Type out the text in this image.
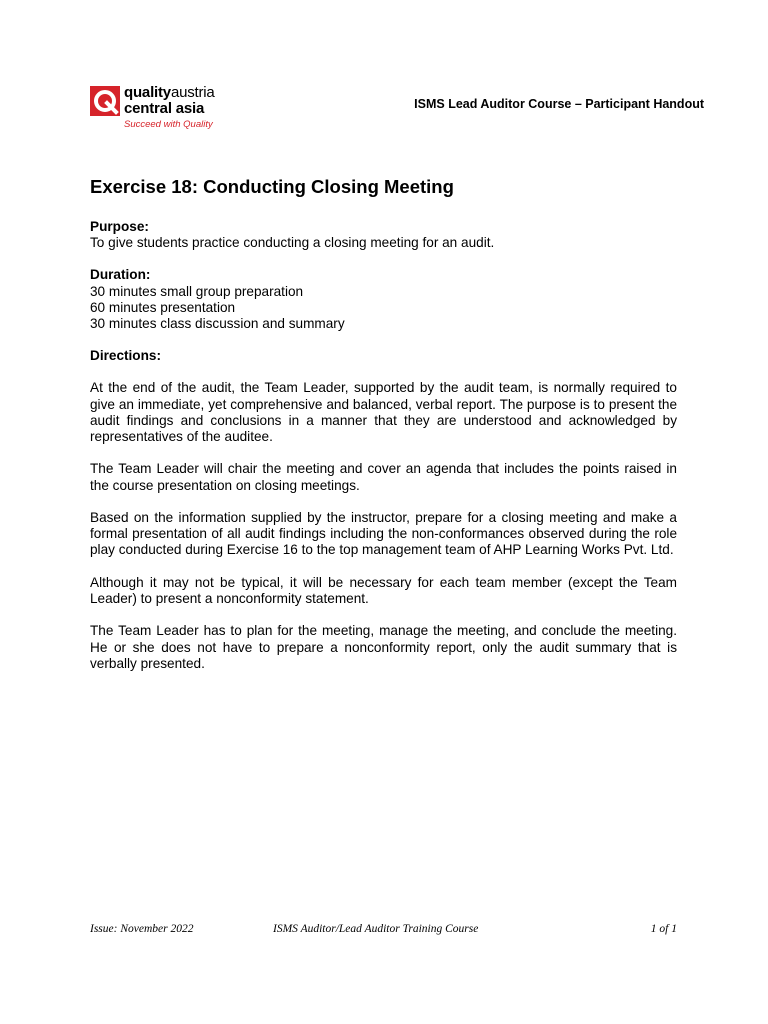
qualityaustria
central asia
Succeed with Quality
ISMS Lead Auditor Course – Participant Handout
Exercise 18: Conducting Closing Meeting

Purpose:

To give students practice conducting a closing meeting for an audit.

Duration:

30 minutes small group preparation

60 minutes presentation

30 minutes class discussion and summary

Directions:

At the end of the audit, the Team Leader, supported by the audit team, is normally required to give an immediate, yet comprehensive and balanced, verbal report. The purpose is to present the audit findings and conclusions in a manner that they are understood and acknowledged by representatives of the auditee.

The Team Leader will chair the meeting and cover an agenda that includes the points raised in the course presentation on closing meetings.

Based on the information supplied by the instructor, prepare for a closing meeting and make a formal presentation of all audit findings including the non-conformances observed during the role play conducted during Exercise 16 to the top management team of AHP Learning Works Pvt. Ltd.

Although it may not be typical, it will be necessary for each team member (except the Team Leader) to present a nonconformity statement.

The Team Leader has to plan for the meeting, manage the meeting, and conclude the meeting. He or she does not have to prepare a nonconformity report, only the audit summary that is verbally presented.

Issue: November 2022	ISMS Auditor/Lead Auditor Training Course	1 of 1
